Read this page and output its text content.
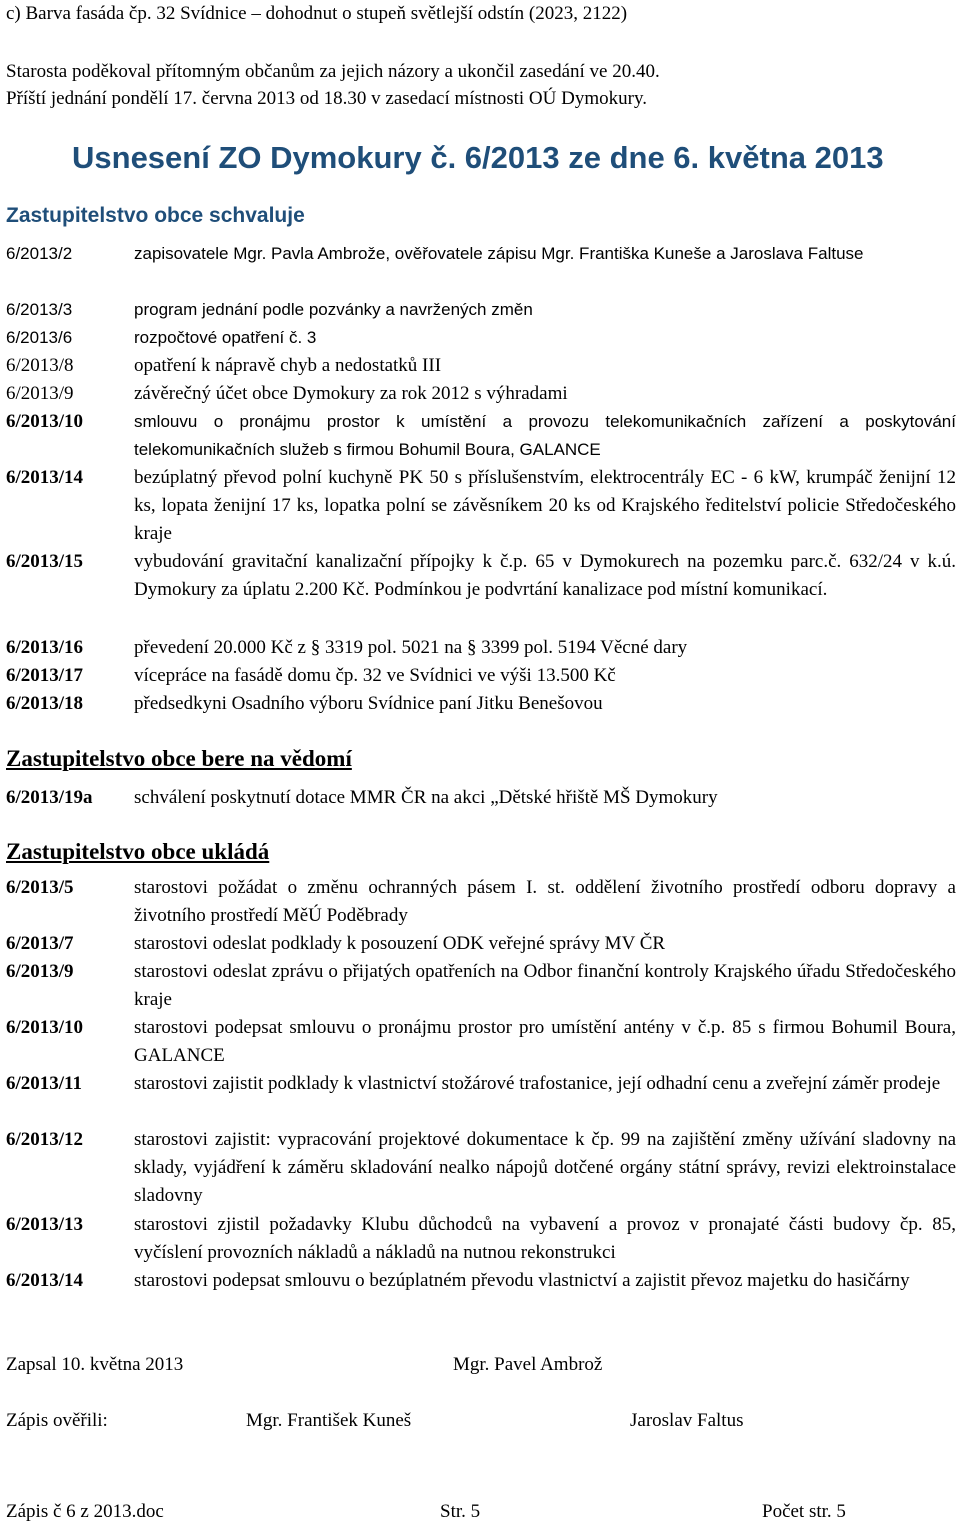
c) Barva fasáda čp. 32 Svídnice – dohodnut o stupeň světlejší odstín (2023, 2122)
Starosta poděkoval přítomným občanům za jejich názory a ukončil zasedání ve 20.40.
Příští jednání pondělí 17. června 2013 od 18.30 v zasedací místnosti OÚ Dymokury.
Usnesení ZO Dymokury č. 6/2013 ze dne 6. května 2013
Zastupitelstvo obce schvaluje
6/2013/2	zapisovatele Mgr. Pavla Ambrože, ověřovatele zápisu Mgr. Františka Kuneše a Jaroslava Faltuse
6/2013/3	program jednání podle pozvánky a navržených změn
6/2013/6	rozpočtové opatření č. 3
6/2013/8	opatření k nápravě chyb a nedostatků III
6/2013/9	závěrečný účet obce Dymokury za rok 2012 s výhradami
6/2013/10	smlouvu o pronájmu prostor k umístění a provozu telekomunikačních zařízení a poskytování telekomunikačních služeb s firmou Bohumil Boura, GALANCE
6/2013/14	bezúplatný převod polní kuchyně PK 50 s příslušenstvím, elektrocentrály EC - 6 kW, krumpáč ženijní 12 ks, lopata ženijní 17 ks, lopatka polní se závěsníkem 20 ks od Krajského ředitelství policie Středočeského kraje
6/2013/15	vybudování gravitační kanalizační přípojky k č.p. 65 v Dymokurech na pozemku parc.č. 632/24 v k.ú. Dymokury za úplatu 2.200 Kč. Podmínkou je podvrtání kanalizace pod místní komunikací.
6/2013/16	převedení 20.000 Kč z § 3319 pol. 5021 na § 3399 pol. 5194 Věcné dary
6/2013/17	vícepráce na fasádě domu čp. 32 ve Svídnici ve výši 13.500 Kč
6/2013/18	předsedkyni Osadního výboru Svídnice paní Jitku Benešovou
Zastupitelstvo obce bere na vědomí
6/2013/19a schválení poskytnutí dotace MMR ČR na akci „Dětské hřiště MŠ Dymokury
Zastupitelstvo obce ukládá
6/2013/5	starostovi požádat o změnu ochranných pásem I. st. oddělení životního prostředí odboru dopravy a životního prostředí MěÚ Poděbrady
6/2013/7	starostovi odeslat podklady k posouzení ODK veřejné správy MV ČR
6/2013/9	starostovi odeslat zprávu o přijatých opatřeních na Odbor finanční kontroly Krajského úřadu Středočeského kraje
6/2013/10	starostovi podepsat smlouvu o pronájmu prostor pro umístění antény v č.p. 85 s firmou Bohumil Boura, GALANCE
6/2013/11	starostovi zajistit podklady k vlastnictví stožárové trafostanice, její odhadní cenu a zveřejní záměr prodeje
6/2013/12	starostovi zajistit: vypracování projektové dokumentace k čp. 99 na zajištění změny užívání sladovny na sklady, vyjádření k záměru skladování nealko nápojů dotčené orgány státní správy, revizi elektroinstalace sladovny
6/2013/13	starostovi zjistil požadavky Klubu důchodců na vybavení a provoz v pronajaté části budovy čp. 85, vyčíslení provozních nákladů a nákladů na nutnou rekonstrukci
6/2013/14	starostovi podepsat smlouvu o bezúplatném převodu vlastnictví a zajistit převoz majetku do hasičárny
Zapsal 10. května 2013	Mgr. Pavel Ambrož
Zápis ověřili:	Mgr. František Kuneš	Jaroslav Faltus
Zápis č 6 z 2013.doc	Str. 5	Počet str. 5
